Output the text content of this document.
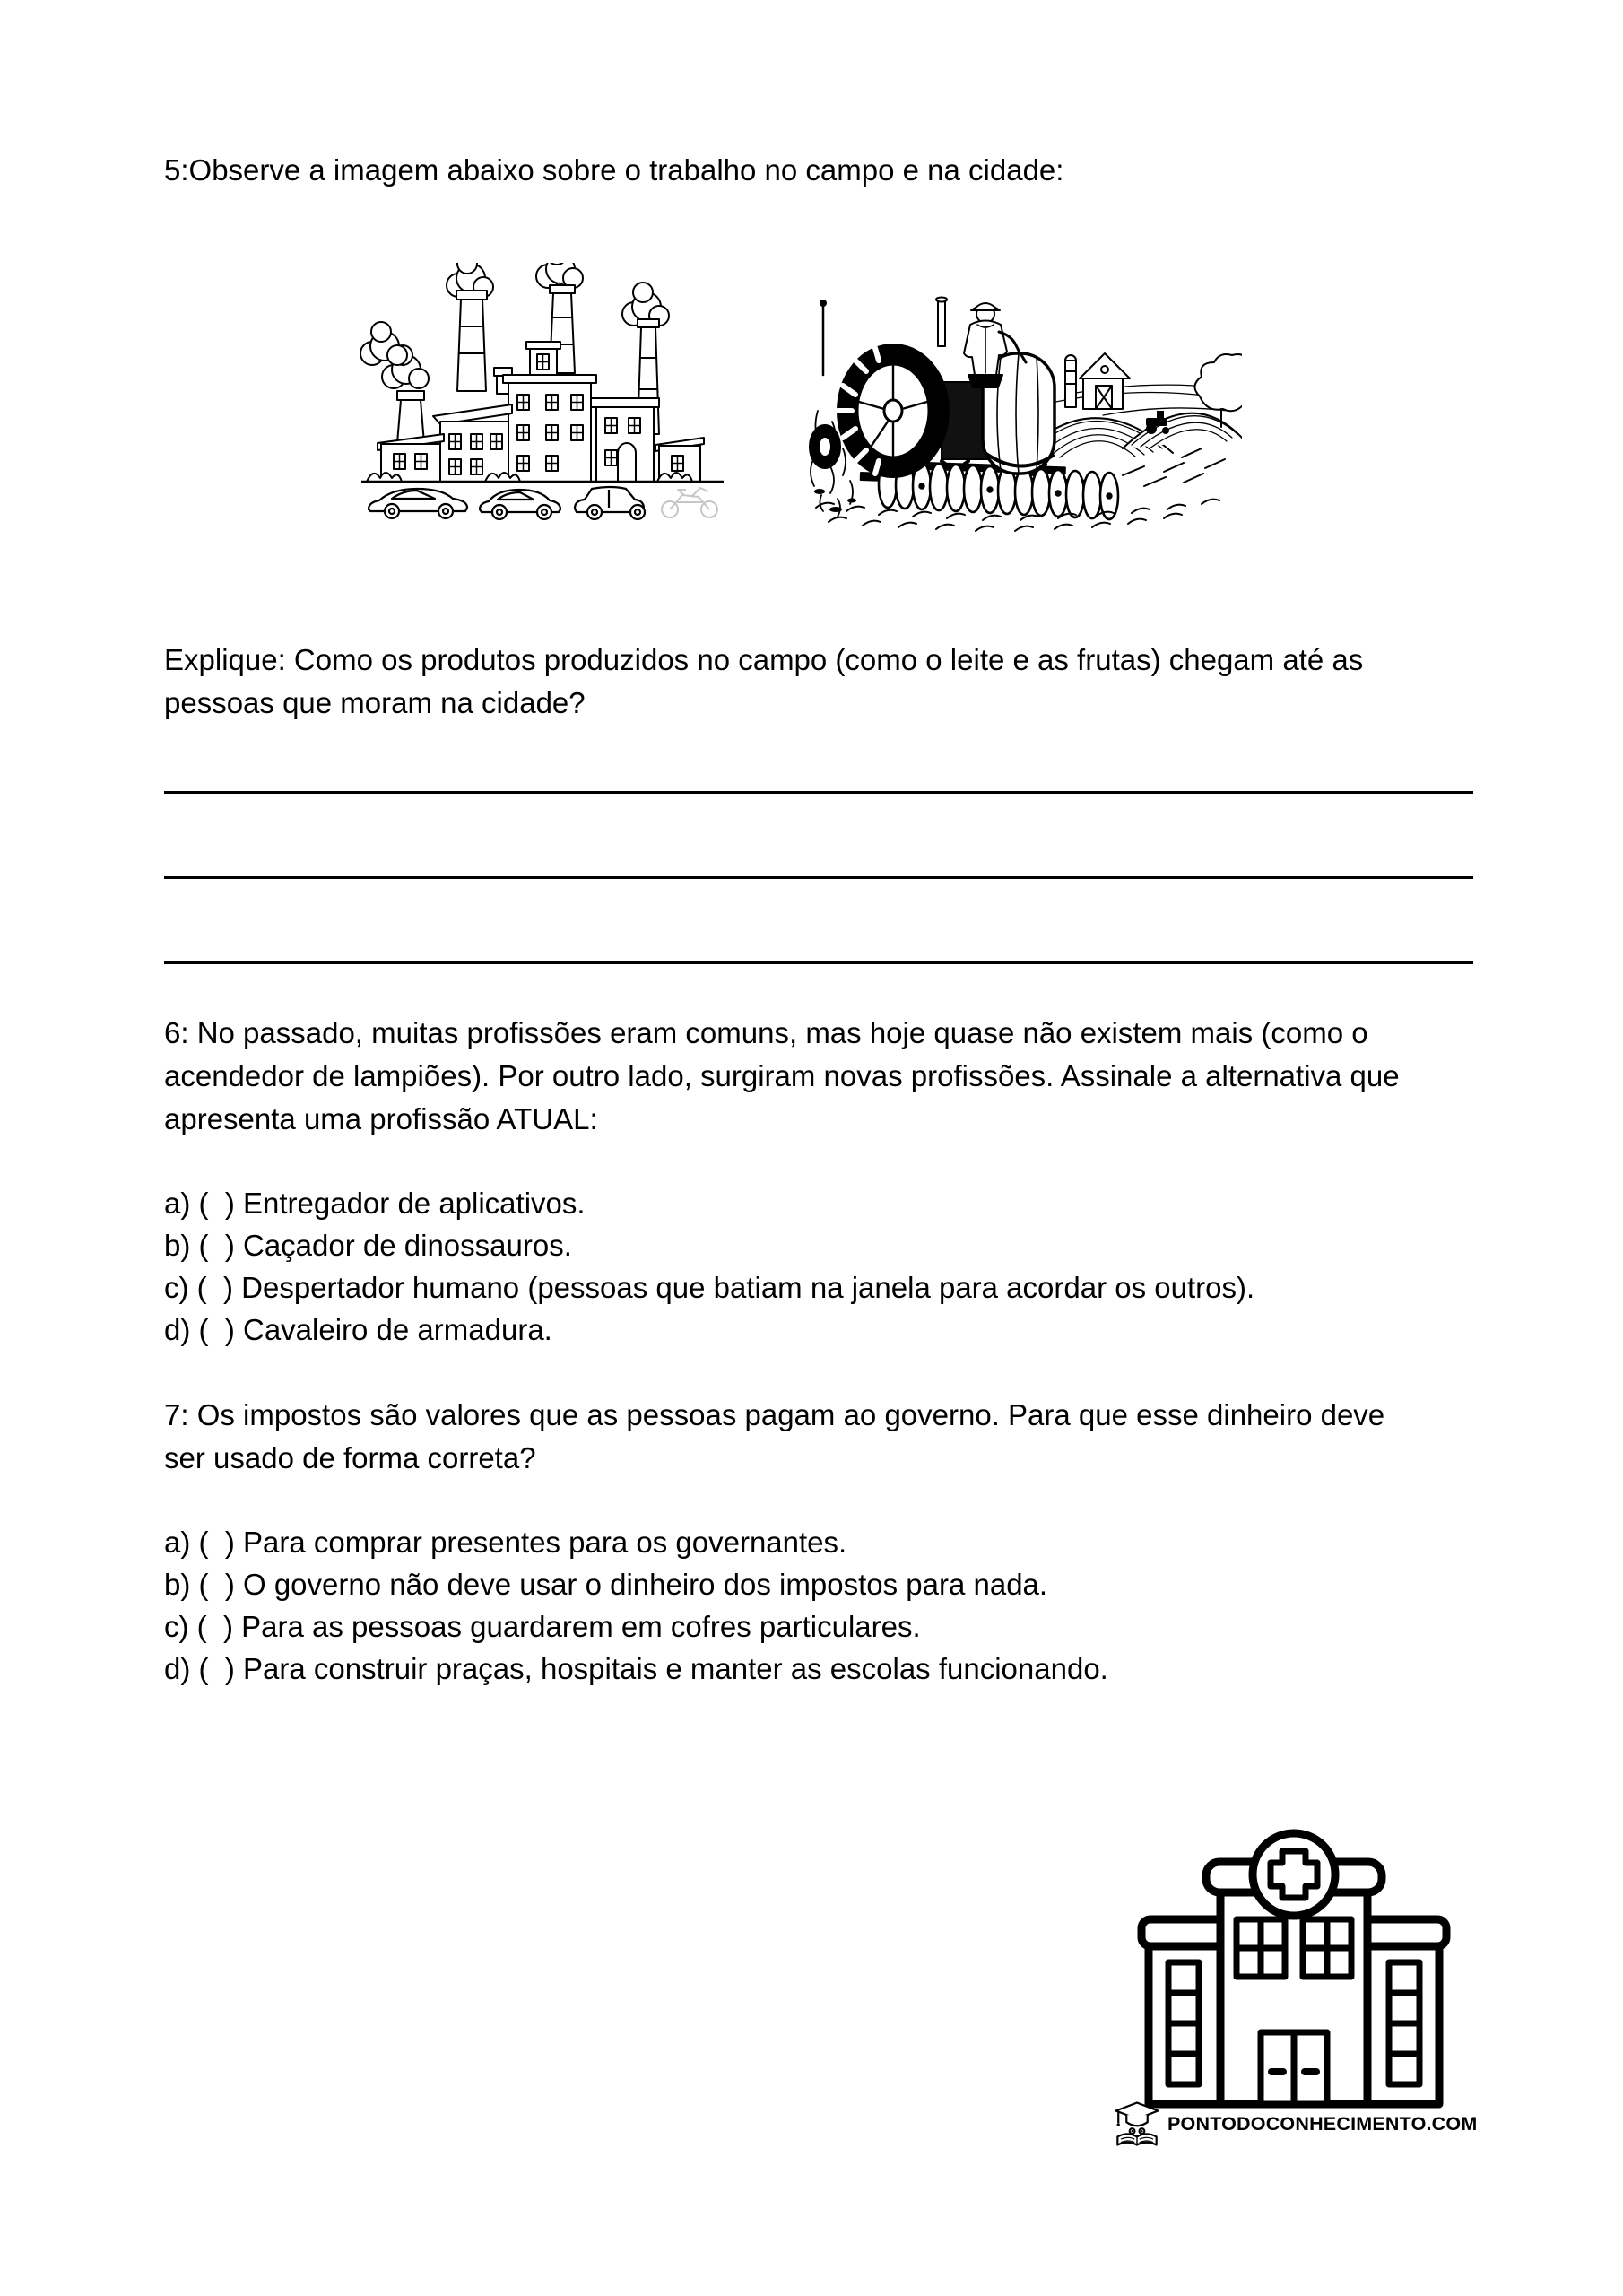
5:Observe a imagem abaixo sobre o trabalho no campo e na cidade:
Explique: Como os produtos produzidos no campo (como o leite e as frutas) chegam até as
pessoas que moram na cidade?
6: No passado, muitas profissões eram comuns, mas hoje quase não existem mais (como o
acendedor de lampiões). Por outro lado, surgiram novas profissões. Assinale a alternativa que
apresenta uma profissão ATUAL:
a) (  ) Entregador de aplicativos.
b) (  ) Caçador de dinossauros.
c) (  ) Despertador humano (pessoas que batiam na janela para acordar os outros).
d) (  ) Cavaleiro de armadura.
7: Os impostos são valores que as pessoas pagam ao governo. Para que esse dinheiro deve
ser usado de forma correta?
a) (  ) Para comprar presentes para os governantes.
b) (  ) O governo não deve usar o dinheiro dos impostos para nada.
c) (  ) Para as pessoas guardarem em cofres particulares.
d) (  ) Para construir praças, hospitais e manter as escolas funcionando.
PONTODOCONHECIMENTO.COM
